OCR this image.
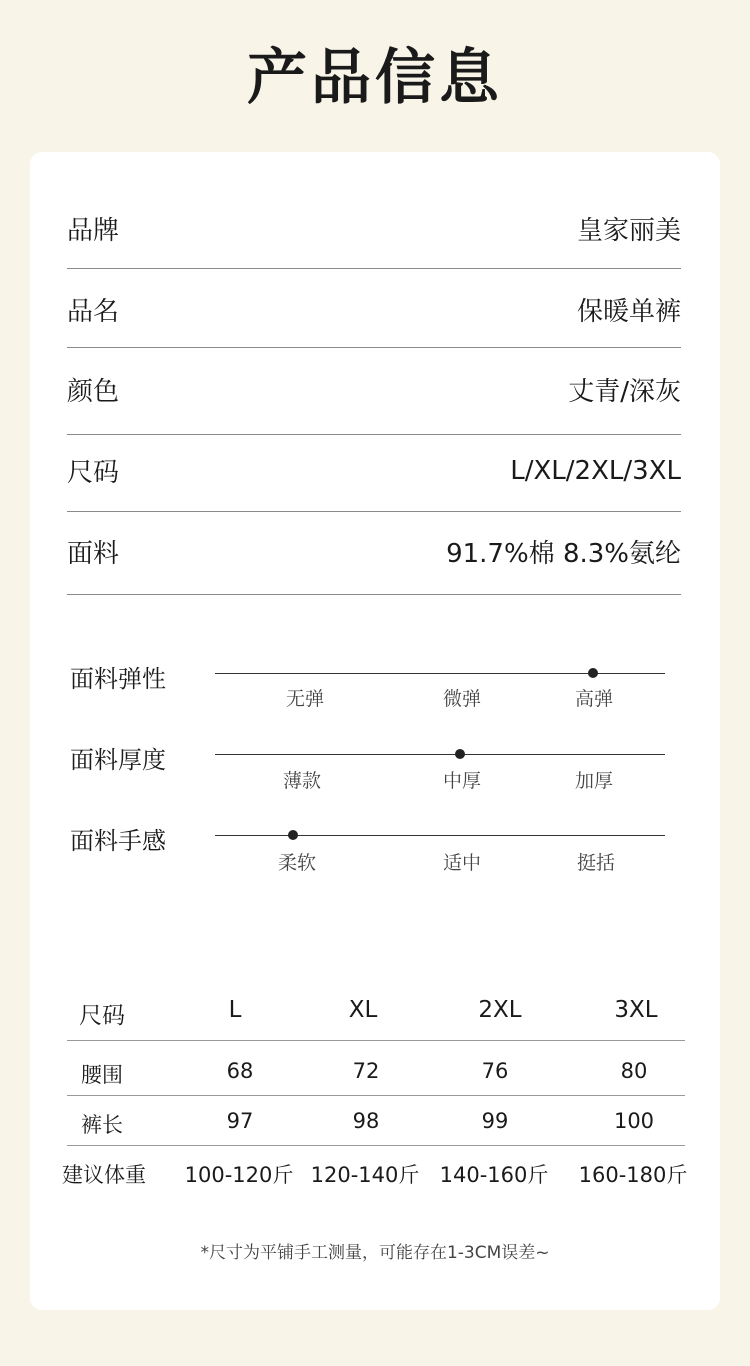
产品信息
品牌	皇家丽美
品名	保暖单裤
颜色	丈青/深灰
尺码	L/XL/2XL/3XL
面料	91.7%棉 8.3%氨纶
面料弹性
无弹	微弹	高弹
面料厚度
薄款	中厚	加厚
面料手感
柔软	适中	挺括
尺码	L	XL	2XL	3XL
腰围	68	72	76	80
裤长	97	98	99	100
建议体重 100-120斤 120-140斤 140-160斤 160-180斤
*尺寸为平铺手工测量，可能存在1-3CM误差~
